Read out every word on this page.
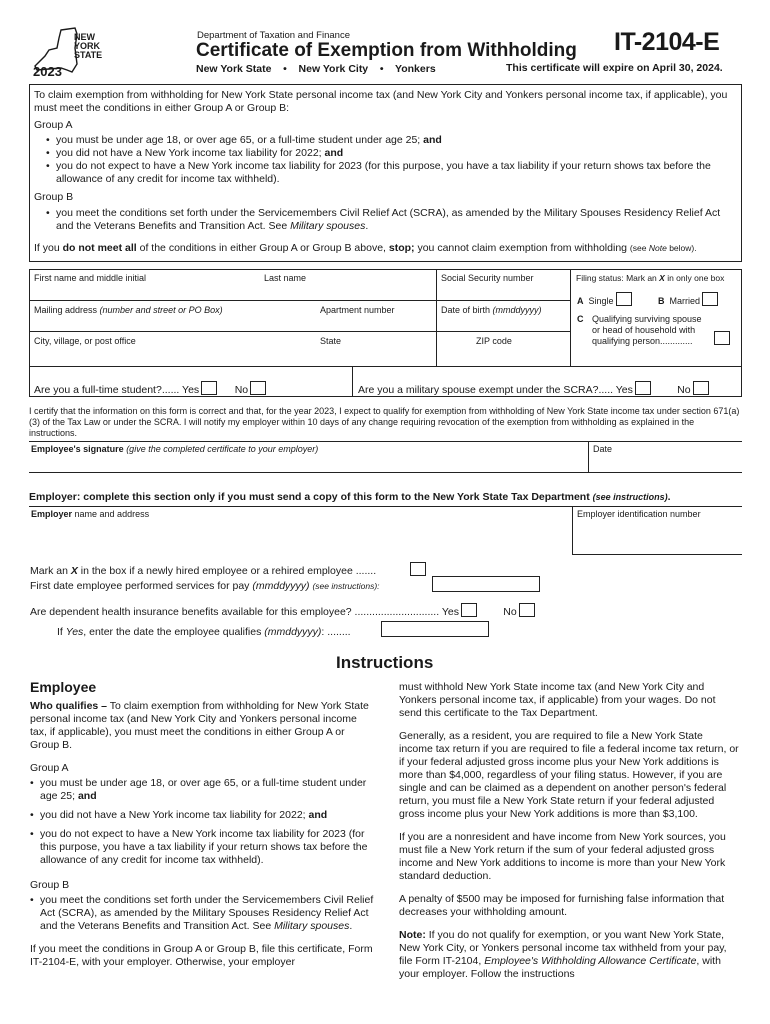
NEW
YORK
STATE
2023
Department of Taxation and Finance
Certificate of Exemption from Withholding
New York State • New York City • Yonkers
IT-2104-E
This certificate will expire on April 30, 2024.
To claim exemption from withholding for New York State personal income tax (and New York City and Yonkers personal income tax, if applicable), you must meet the conditions in either Group A or Group B:
Group A
• you must be under age 18, or over age 65, or a full-time student under age 25; and
• you did not have a New York income tax liability for 2022; and
• you do not expect to have a New York income tax liability for 2023 (for this purpose, you have a tax liability if your return shows tax before the allowance of any credit for income tax withheld).
Group B
• you meet the conditions set forth under the Servicemembers Civil Relief Act (SCRA), as amended by the Military Spouses Residency Relief Act and the Veterans Benefits and Transition Act. See Military spouses.
If you do not meet all of the conditions in either Group A or Group B above, stop; you cannot claim exemption from withholding (see Note below).
First name and middle initial	Last name	Social Security number
Mailing address (number and street or PO Box)	Apartment number	Date of birth (mmddyyyy)
City, village, or post office	State	ZIP code
Filing status: Mark an X in only one box
A Single	B Married
C Qualifying surviving spouse or head of household with qualifying person.............
Are you a full-time student?...... Yes	No	Are you a military spouse exempt under the SCRA?..... Yes	No
I certify that the information on this form is correct and that, for the year 2023, I expect to qualify for exemption from withholding of New York State income tax under section 671(a)(3) of the Tax Law or under the SCRA. I will notify my employer within 10 days of any change requiring revocation of the exemption from withholding as explained in the instructions.
Employee's signature (give the completed certificate to your employer)	Date
Employer: complete this section only if you must send a copy of this form to the New York State Tax Department (see instructions).
Employer name and address	Employer identification number
Mark an X in the box if a newly hired employee or a rehired employee .......
First date employee performed services for pay (mmddyyyy) (see instructions):
Are dependent health insurance benefits available for this employee? ............................. Yes	No
If Yes, enter the date the employee qualifies (mmddyyyy): ........
Instructions
Employee

Who qualifies – To claim exemption from withholding for New York State personal income tax (and New York City and Yonkers personal income tax, if applicable), you must meet the conditions in either Group A or Group B.

Group A
• you must be under age 18, or over age 65, or a full-time student under age 25; and
• you did not have a New York income tax liability for 2022; and
• you do not expect to have a New York income tax liability for 2023 (for this purpose, you have a tax liability if your return shows tax before the allowance of any credit for income tax withheld).
Group B
• you meet the conditions set forth under the Servicemembers Civil Relief Act (SCRA), as amended by the Military Spouses Residency Relief Act and the Veterans Benefits and Transition Act. See Military spouses.

If you meet the conditions in Group A or Group B, file this certificate, Form IT-2104-E, with your employer. Otherwise, your employer

must withhold New York State income tax (and New York City and Yonkers personal income tax, if applicable) from your wages. Do not send this certificate to the Tax Department.

Generally, as a resident, you are required to file a New York State income tax return if you are required to file a federal income tax return, or if your federal adjusted gross income plus your New York additions is more than $4,000, regardless of your filing status. However, if you are single and can be claimed as a dependent on another person's federal return, you must file a New York State return if your federal adjusted gross income plus your New York additions is more than $3,100.

If you are a nonresident and have income from New York sources, you must file a New York return if the sum of your federal adjusted gross income and New York additions to income is more than your New York standard deduction.

A penalty of $500 may be imposed for furnishing false information that decreases your withholding amount.

Note: If you do not qualify for exemption, or you want New York State, New York City, or Yonkers personal income tax withheld from your pay, file Form IT-2104, Employee's Withholding Allowance Certificate, with your employer. Follow the instructions
